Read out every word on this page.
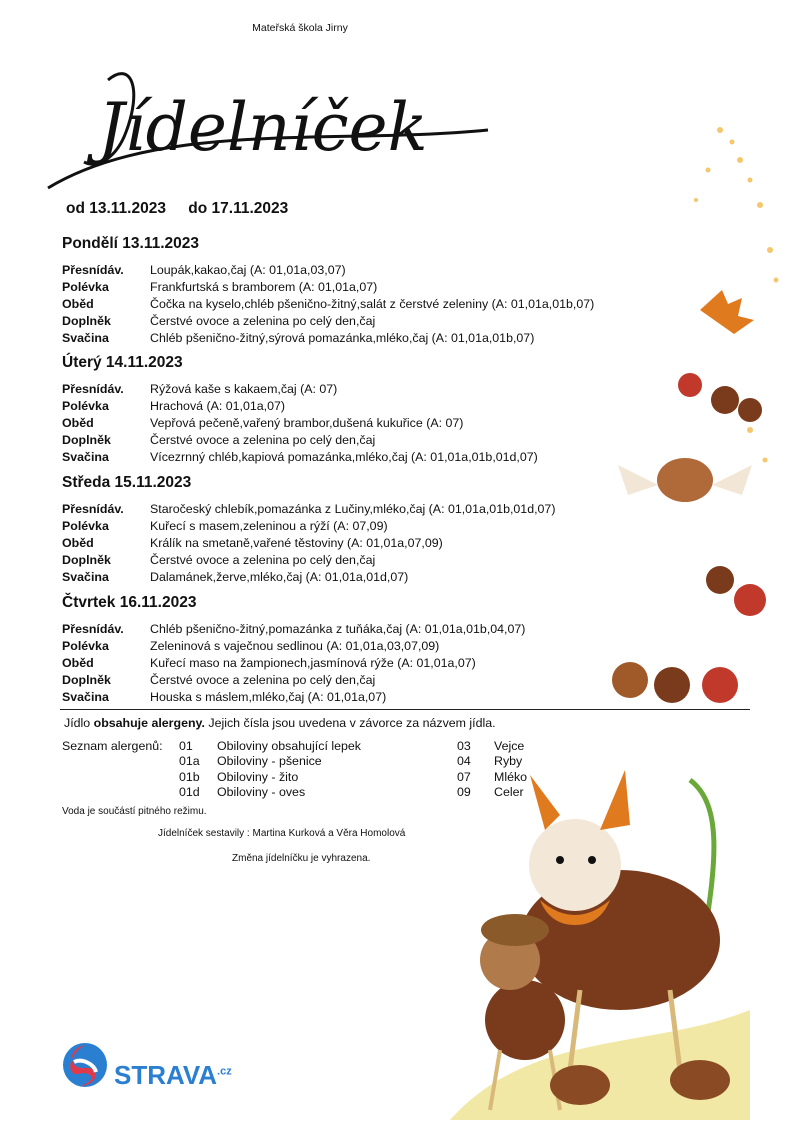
Mateřská škola Jirny
Jídelníček
od 13.11.2023 do 17.11.2023
Pondělí 13.11.2023
Přesnídáv. Loupák,kakao,čaj (A: 01,01a,03,07)
Polévka	Frankfurtská s bramborem (A: 01,01a,07)
Oběd	Čočka na kyselo,chléb pšenično-žitný,salát z čerstvé zeleniny (A: 01,01a,01b,07)
Doplněk	Čerstvé ovoce a zelenina po celý den,čaj
Svačina	Chléb pšenično-žitný,sýrová pomazánka,mléko,čaj (A: 01,01a,01b,07)
Úterý 14.11.2023
Přesnídáv. Rýžová kaše s kakaem,čaj (A: 07)
Polévka	Hrachová (A: 01,01a,07)
Oběd	Vepřová pečeně,vařený brambor,dušená kukuřice (A: 07)
Doplněk	Čerstvé ovoce a zelenina po celý den,čaj
Svačina	Vícezrnný chléb,kapiová pomazánka,mléko,čaj (A: 01,01a,01b,01d,07)
Středa 15.11.2023
Přesnídáv. Staročeský chlebík,pomazánka z Lučiny,mléko,čaj (A: 01,01a,01b,01d,07)
Polévka	Kuřecí s masem,zeleninou a rýží (A: 07,09)
Oběd	Králík na smetaně,vařené těstoviny (A: 01,01a,07,09)
Doplněk	Čerstvé ovoce a zelenina po celý den,čaj
Svačina	Dalamánek,žerve,mléko,čaj (A: 01,01a,01d,07)
Čtvrtek 16.11.2023
Přesnídáv. Chléb pšenično-žitný,pomazánka z tuňáka,čaj (A: 01,01a,01b,04,07)
Polévka	Zeleninová s vaječnou sedlinou (A: 01,01a,03,07,09)
Oběd	Kuřecí maso na žampionech,jasmínová rýže (A: 01,01a,07)
Doplněk	Čerstvé ovoce a zelenina po celý den,čaj
Svačina	Houska s máslem,mléko,čaj (A: 01,01a,07)
Jídlo obsahuje alergeny. Jejich čísla jsou uvedena v závorce za názvem jídla.
Seznam alergenů:	01	Obiloviny obsahující lepek	03	Vejce
	01a	Obiloviny - pšenice	04	Ryby
	01b	Obiloviny - žito	07	Mléko
	01d	Obiloviny - oves	09	Celer
Voda je součástí pitného režimu.
Jídelníček sestavily : Martina Kurková a Věra Homolová
Změna jídelníčku je vyhrazena.
$STRAVA^{.cz}$
